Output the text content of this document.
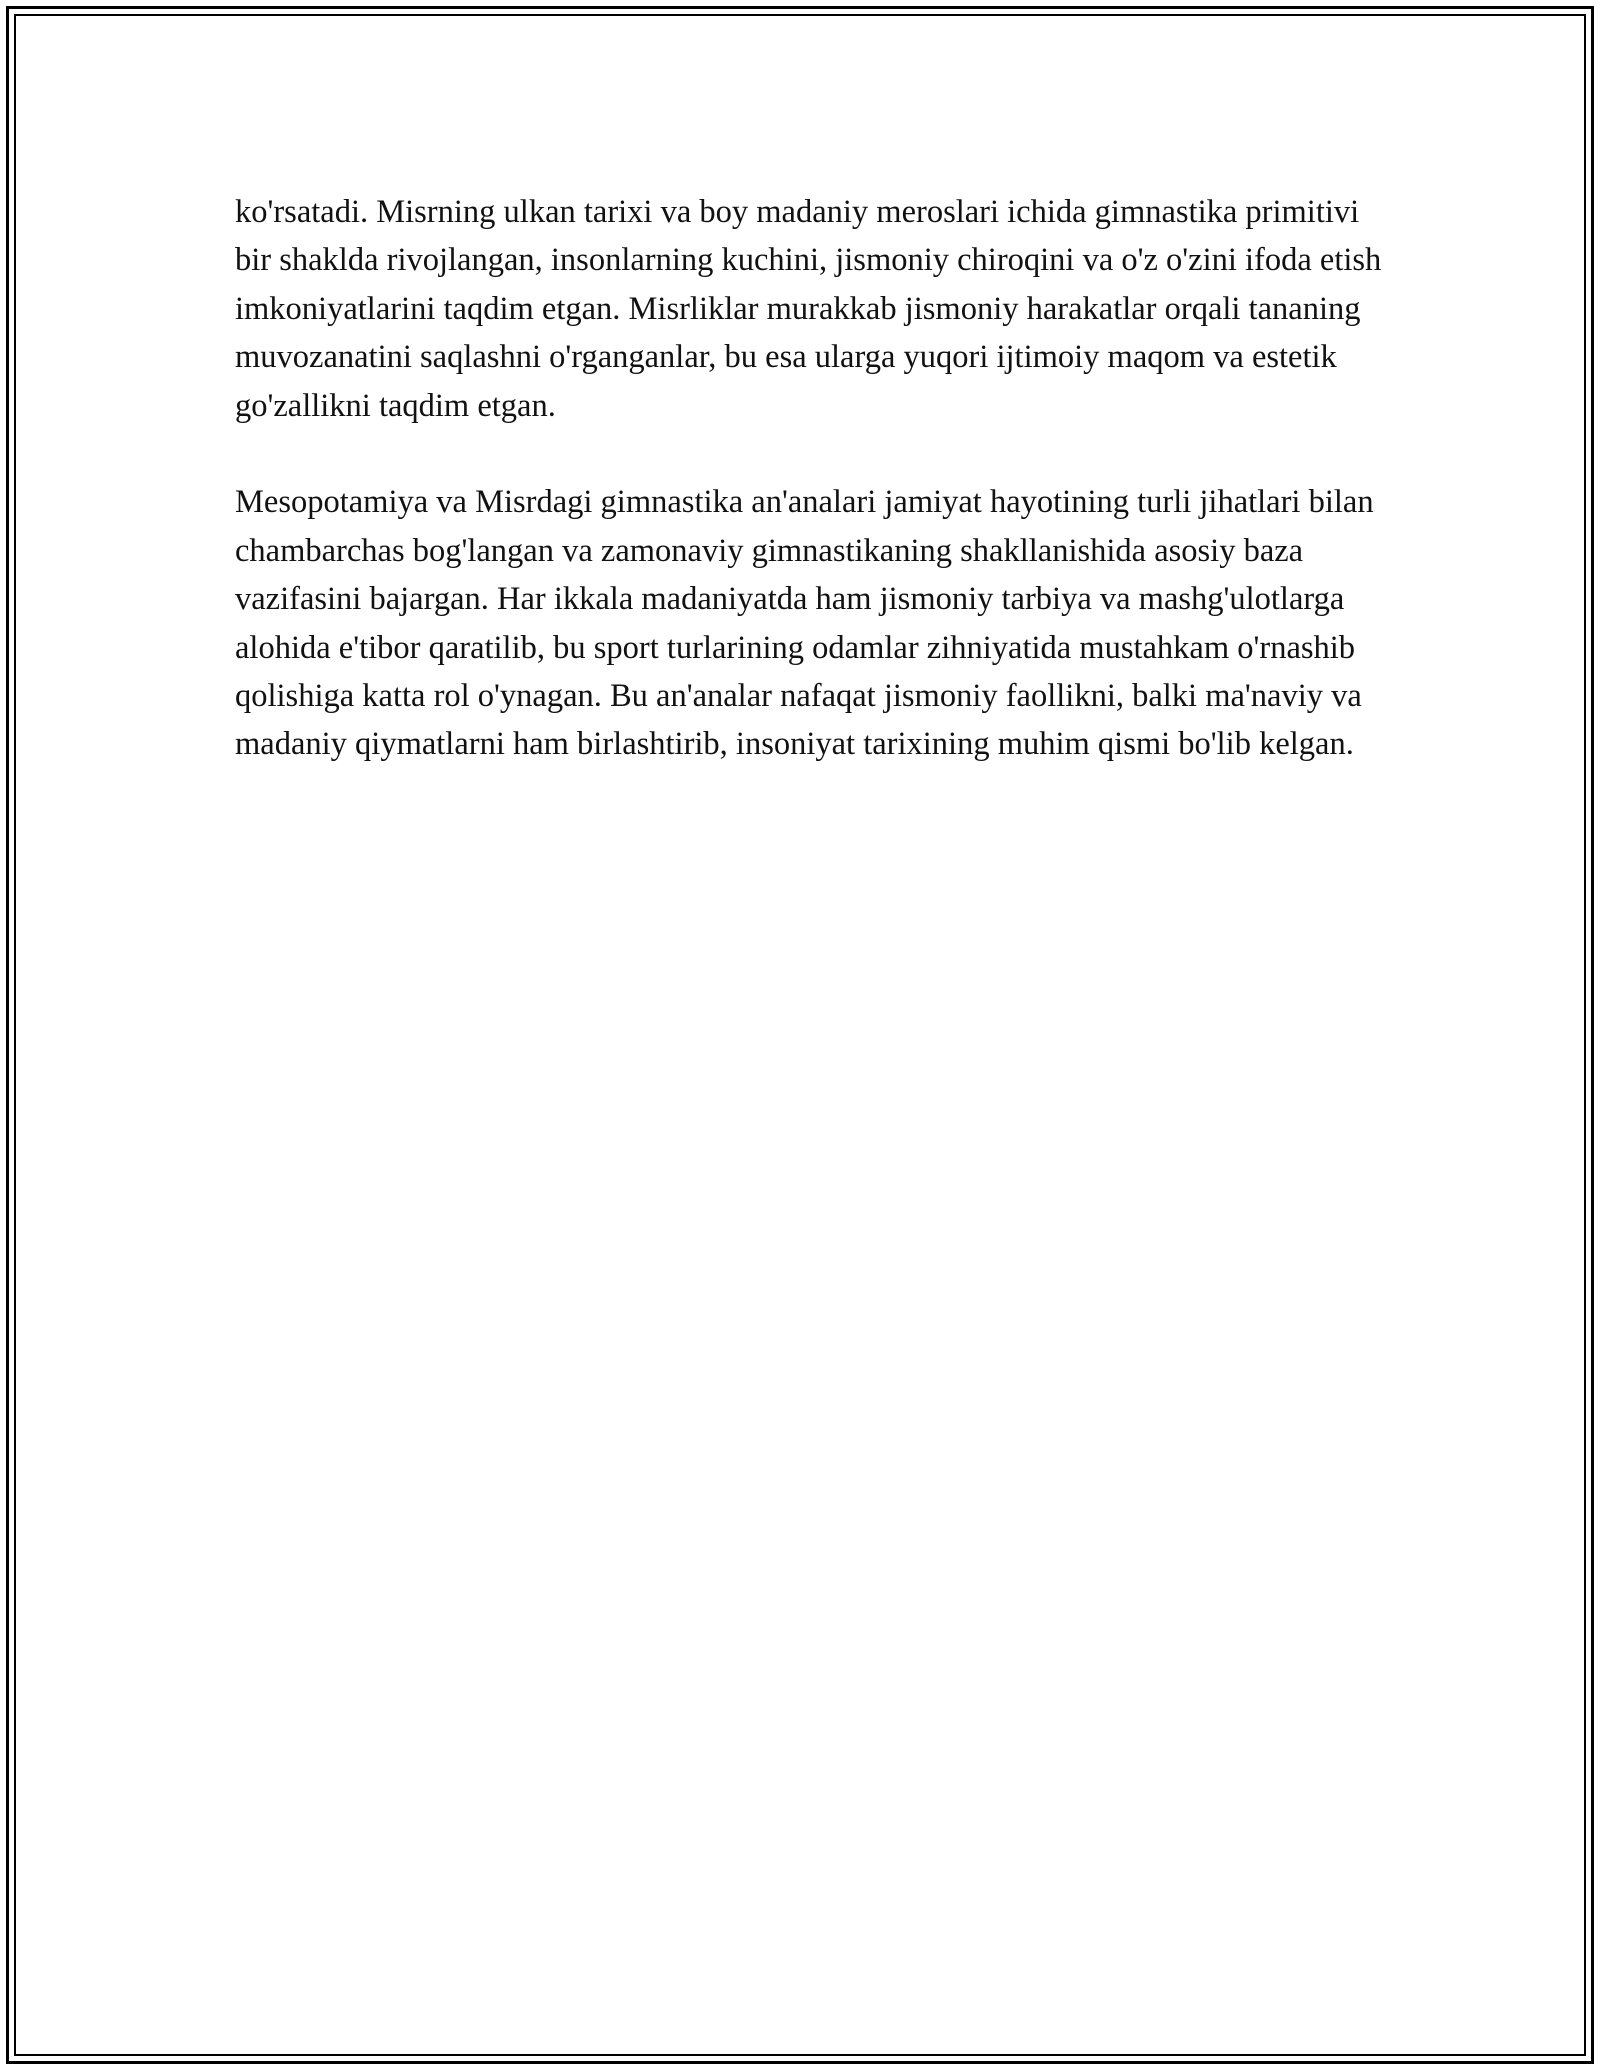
ko'rsatadi. Misrning ulkan tarixi va boy madaniy meroslari ichida gimnastika primitivi bir shaklda rivojlangan, insonlarning kuchini, jismoniy chiroqini va o'z o'zini ifoda etish imkoniyatlarini taqdim etgan. Misrliklar murakkab jismoniy harakatlar orqali tananing muvozanatini saqlashni o'rganganlar, bu esa ularga yuqori ijtimoiy maqom va estetik go'zallikni taqdim etgan.

Mesopotamiya va Misrdagi gimnastika an'analari jamiyat hayotining turli jihatlari bilan chambarchas bog'langan va zamonaviy gimnastikaning shakllanishida asosiy baza vazifasini bajargan. Har ikkala madaniyatda ham jismoniy tarbiya va mashg'ulotlarga alohida e'tibor qaratilib, bu sport turlarining odamlar zihniyatida mustahkam o'rnashib qolishiga katta rol o'ynagan. Bu an'analar nafaqat jismoniy faollikni, balki ma'naviy va madaniy qiymatlarni ham birlashtirib, insoniyat tarixining muhim qismi bo'lib kelgan.
